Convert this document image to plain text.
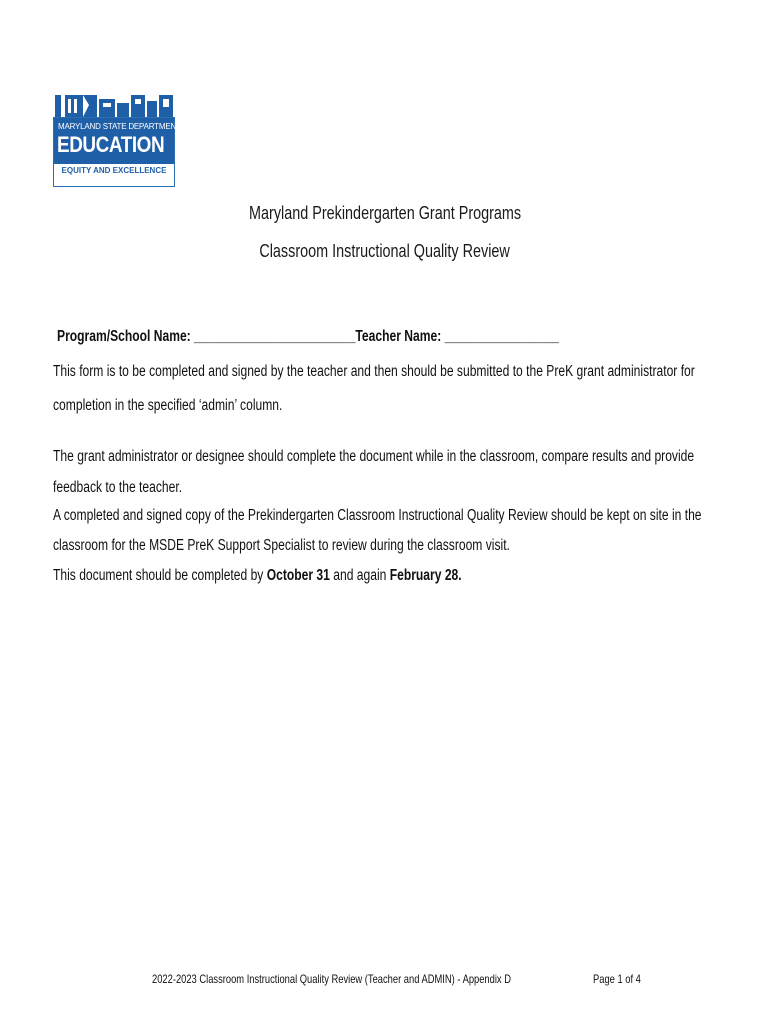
MARYLAND STATE DEPARTMENT OF
EDUCATION
EQUITY AND EXCELLENCE
Maryland Prekindergarten Grant Programs
Classroom Instructional Quality Review
Program/School Name: ________________________Teacher Name: _________________
This form is to be completed and signed by the teacher and then should be submitted to the PreK grant administrator for
completion in the specified ‘admin’ column.
The grant administrator or designee should complete the document while in the classroom, compare results and provide
feedback to the teacher.
A completed and signed copy of the Prekindergarten Classroom Instructional Quality Review should be kept on site in the
classroom for the MSDE PreK Support Specialist to review during the classroom visit.
This document should be completed by October 31 and again February 28.
2022-2023 Classroom Instructional Quality Review (Teacher and ADMIN) - Appendix D	Page 1 of 4
